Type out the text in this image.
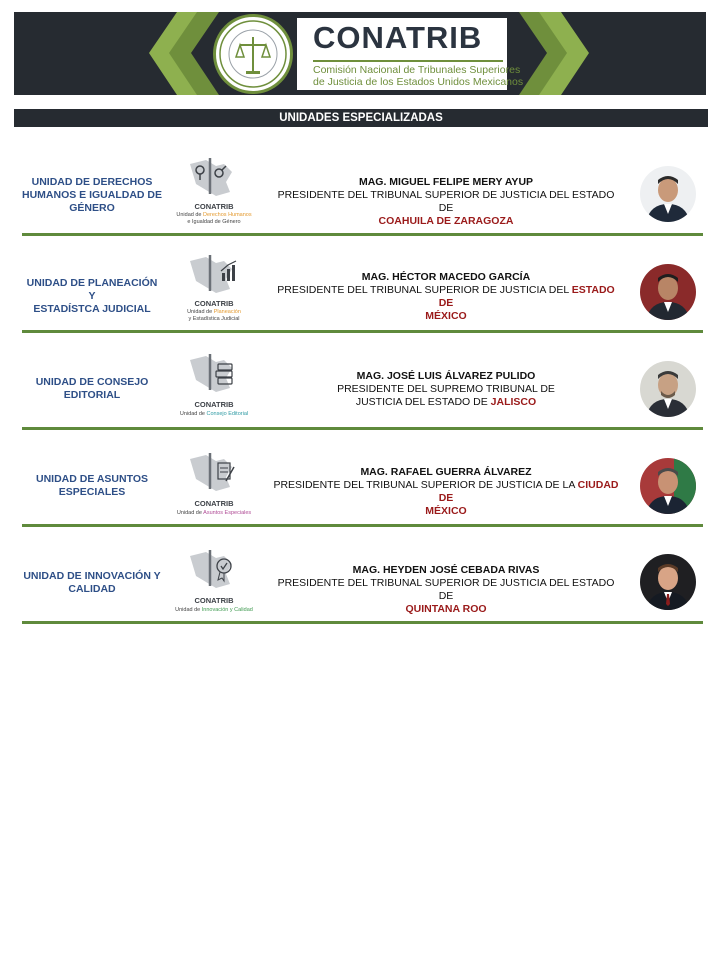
CONATRIB
Comisión Nacional de Tribunales Superiores
de Justicia de los Estados Unidos Mexicanos
UNIDADES ESPECIALIZADAS
UNIDAD DE DERECHOS
HUMANOS E IGUALDAD DE
GÉNERO	CONATRIB
Unidad de Derechos Humanos
e Igualdad de Género
MAG. MIGUEL FELIPE MERY AYUP
PRESIDENTE DEL TRIBUNAL SUPERIOR DE JUSTICIA DEL ESTADO DE
COAHUILA DE ZARAGOZA
UNIDAD DE PLANEACIÓN Y
ESTADÍSTCA JUDICIAL	CONATRIB
Unidad de Planeación
y Estadística Judicial
MAG. HÉCTOR MACEDO GARCÍA
PRESIDENTE DEL TRIBUNAL SUPERIOR DE JUSTICIA DEL ESTADO DE
MÉXICO
UNIDAD DE CONSEJO
EDITORIAL
CONATRIB
Unidad de Consejo Editorial
MAG. JOSÉ LUIS ÁLVAREZ PULIDO
PRESIDENTE DEL SUPREMO TRIBUNAL DE
JUSTICIA DEL ESTADO DE JALISCO
UNIDAD DE ASUNTOS
ESPECIALES
CONATRIB
Unidad de Asuntos Especiales
MAG. RAFAEL GUERRA ÁLVAREZ
PRESIDENTE DEL TRIBUNAL SUPERIOR DE JUSTICIA DE LA CIUDAD DE
MÉXICO
UNIDAD DE INNOVACIÓN Y
CALIDAD
CONATRIB
Unidad de Innovación y Calidad
MAG. HEYDEN JOSÉ CEBADA RIVAS
PRESIDENTE DEL TRIBUNAL SUPERIOR DE JUSTICIA DEL ESTADO DE
QUINTANA ROO
